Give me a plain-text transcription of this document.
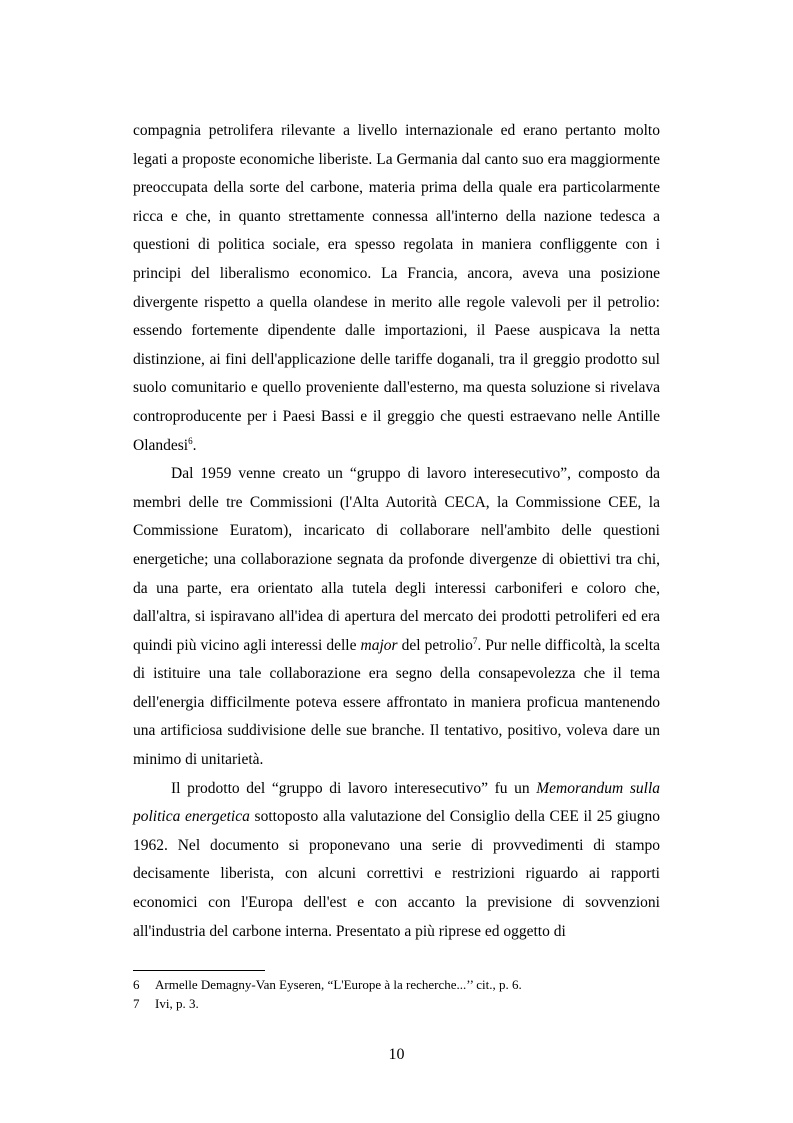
compagnia petrolifera rilevante a livello internazionale ed erano pertanto molto legati a proposte economiche liberiste. La Germania dal canto suo era maggiormente preoccupata della sorte del carbone, materia prima della quale era particolarmente ricca e che, in quanto strettamente connessa all'interno della nazione tedesca a questioni di politica sociale, era spesso regolata in maniera confliggente con i principi del liberalismo economico. La Francia, ancora, aveva una posizione divergente rispetto a quella olandese in merito alle regole valevoli per il petrolio: essendo fortemente dipendente dalle importazioni, il Paese auspicava la netta distinzione, ai fini dell'applicazione delle tariffe doganali, tra il greggio prodotto sul suolo comunitario e quello proveniente dall'esterno, ma questa soluzione si rivelava controproducente per i Paesi Bassi e il greggio che questi estraevano nelle Antille Olandesi$^6$.

Dal 1959 venne creato un “gruppo di lavoro interesecutivo”, composto da membri delle tre Commissioni (l'Alta Autorità CECA, la Commissione CEE, la Commissione Euratom), incaricato di collaborare nell'ambito delle questioni energetiche; una collaborazione segnata da profonde divergenze di obiettivi tra chi, da una parte, era orientato alla tutela degli interessi carboniferi e coloro che, dall'altra, si ispiravano all'idea di apertura del mercato dei prodotti petroliferi ed era quindi più vicino agli interessi delle major del petrolio$^7$. Pur nelle difficoltà, la scelta di istituire una tale collaborazione era segno della consapevolezza che il tema dell'energia difficilmente poteva essere affrontato in maniera proficua mantenendo una artificiosa suddivisione delle sue branche. Il tentativo, positivo, voleva dare un minimo di unitarietà.

Il prodotto del “gruppo di lavoro interesecutivo” fu un Memorandum sulla politica energetica sottoposto alla valutazione del Consiglio della CEE il 25 giugno 1962. Nel documento si proponevano una serie di provvedimenti di stampo decisamente liberista, con alcuni correttivi e restrizioni riguardo ai rapporti economici con l'Europa dell'est e con accanto la previsione di sovvenzioni all'industria del carbone interna. Presentato a più riprese ed oggetto di

6	Armelle Demagny-Van Eyseren, “L'Europe à la recherche...’’ cit., p. 6.
7	Ivi, p. 3.
10
